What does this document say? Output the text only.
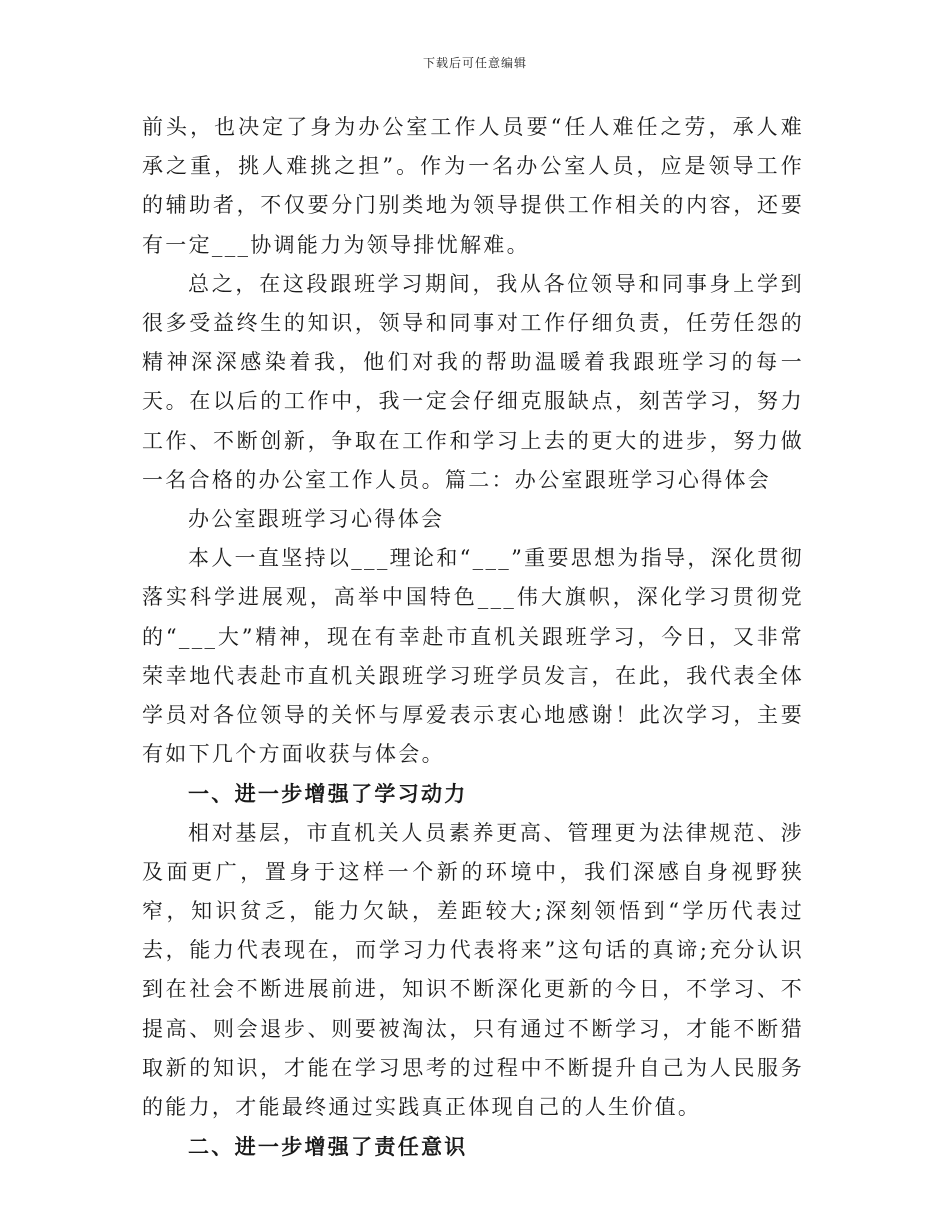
下载后可任意编辑

前头，也决定了身为办公室工作人员要“任人难任之劳，承人难承之重，挑人难挑之担”。作为一名办公室人员，应是领导工作的辅助者，不仅要分门别类地为领导提供工作相关的内容，还要有一定___协调能力为领导排忧解难。

总之，在这段跟班学习期间，我从各位领导和同事身上学到很多受益终生的知识，领导和同事对工作仔细负责，任劳任怨的精神深深感染着我，他们对我的帮助温暖着我跟班学习的每一天。在以后的工作中，我一定会仔细克服缺点，刻苦学习，努力工作、不断创新，争取在工作和学习上去的更大的进步，努力做一名合格的办公室工作人员。篇二：办公室跟班学习心得体会

办公室跟班学习心得体会

本人一直坚持以___理论和“___”重要思想为指导，深化贯彻落实科学进展观，高举中国特色___伟大旗帜，深化学习贯彻党的“___大”精神，现在有幸赴市直机关跟班学习，今日，又非常荣幸地代表赴市直机关跟班学习班学员发言，在此，我代表全体学员对各位领导的关怀与厚爱表示衷心地感谢！此次学习，主要有如下几个方面收获与体会。

一、进一步增强了学习动力

相对基层，市直机关人员素养更高、管理更为法律规范、涉及面更广，置身于这样一个新的环境中，我们深感自身视野狭窄，知识贫乏，能力欠缺，差距较大;深刻领悟到“学历代表过去，能力代表现在，而学习力代表将来”这句话的真谛;充分认识到在社会不断进展前进，知识不断深化更新的今日，不学习、不提高、则会退步、则要被淘汰，只有通过不断学习，才能不断猎取新的知识，才能在学习思考的过程中不断提升自己为人民服务的能力，才能最终通过实践真正体现自己的人生价值。

二、进一步增强了责任意识
